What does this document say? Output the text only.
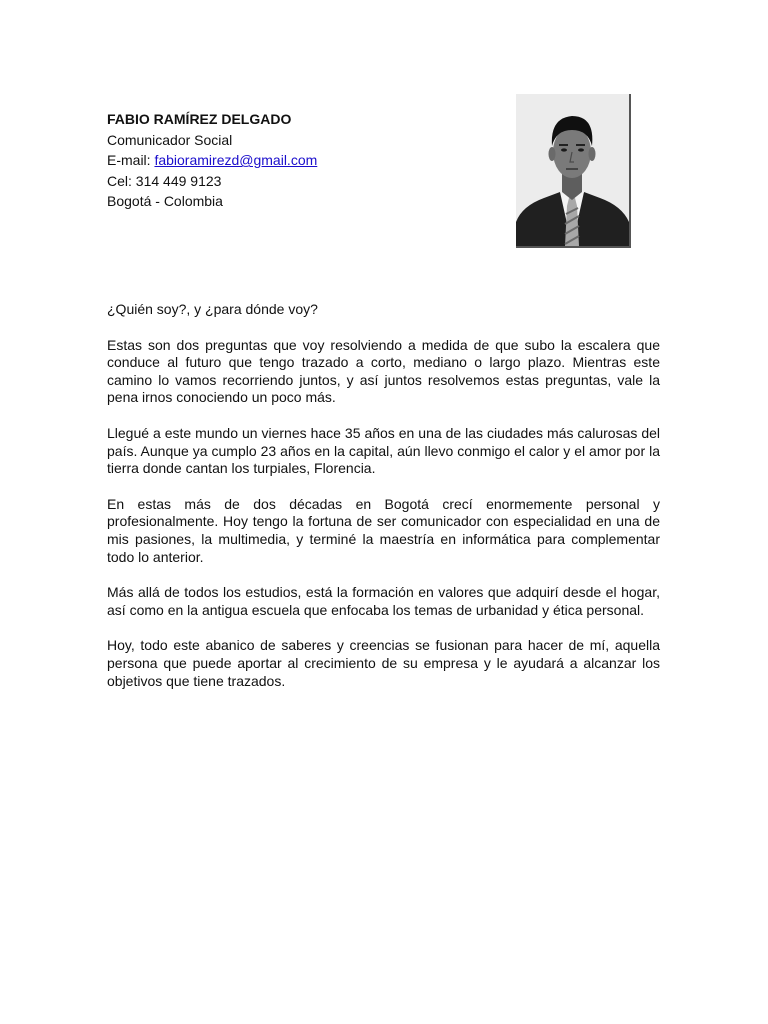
FABIO RAMÍREZ DELGADO
Comunicador Social
E-mail: fabioramirezd@gmail.com
Cel: 314 449 9123
Bogotá - Colombia

¿Quién soy?, y ¿para dónde voy?

Estas son dos preguntas que voy resolviendo a medida de que subo la escalera que conduce al futuro que tengo trazado a corto, mediano o largo plazo. Mientras este camino lo vamos recorriendo juntos, y así juntos resolvemos estas preguntas, vale la pena irnos conociendo un poco más.

Llegué a este mundo un viernes hace 35 años en una de las ciudades más calurosas del país. Aunque ya cumplo 23 años en la capital, aún llevo conmigo el calor y el amor por la tierra donde cantan los turpiales, Florencia.

En estas más de dos décadas en Bogotá crecí enormemente personal y profesionalmente. Hoy tengo la fortuna de ser comunicador con especialidad en una de mis pasiones, la multimedia, y terminé la maestría en informática para complementar todo lo anterior.

Más allá de todos los estudios, está la formación en valores que adquirí desde el hogar, así como en la antigua escuela que enfocaba los temas de urbanidad y ética personal.

Hoy, todo este abanico de saberes y creencias se fusionan para hacer de mí, aquella persona que puede aportar al crecimiento de su empresa y le ayudará a alcanzar los objetivos que tiene trazados.
